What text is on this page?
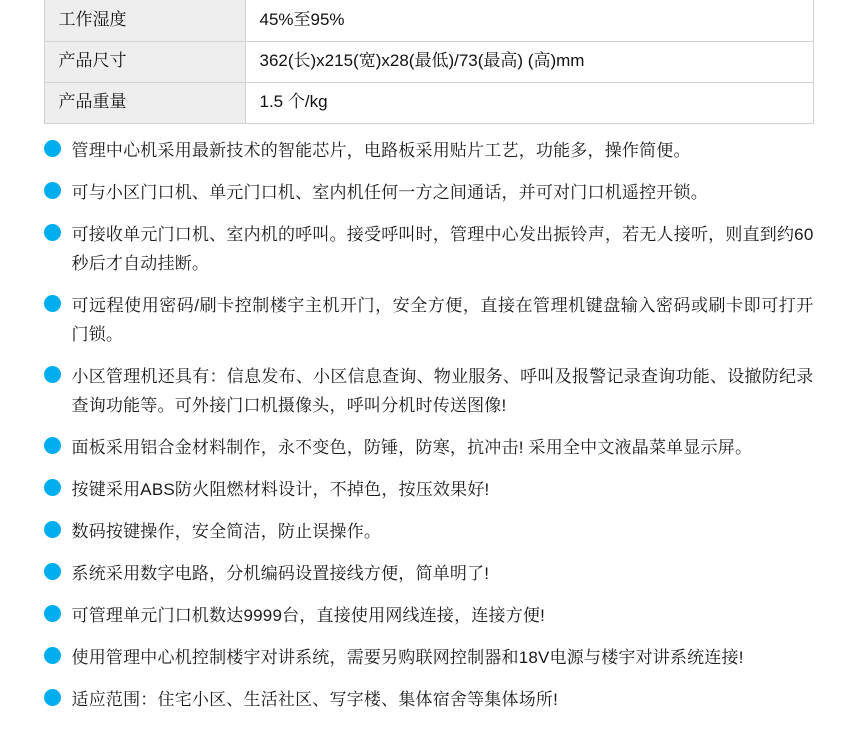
工作湿度	45%至95%
产品尺寸	362(长)x215(宽)x28(最低)/73(最高) (高)mm
产品重量	1.5 个/kg
管理中心机采用最新技术的智能芯片，电路板采用贴片工艺，功能多，操作简便。
可与小区门口机、单元门口机、室内机任何一方之间通话，并可对门口机遥控开锁。
可接收单元门口机、室内机的呼叫。接受呼叫时，管理中心发出振铃声，若无人接听，则直到约60秒后才自动挂断。
可远程使用密码/刷卡控制楼宇主机开门，安全方便，直接在管理机键盘输入密码或刷卡即可打开门锁。
小区管理机还具有：信息发布、小区信息查询、物业服务、呼叫及报警记录查询功能、设撤防纪录查询功能等。可外接门口机摄像头，呼叫分机时传送图像!
面板采用铝合金材料制作，永不变色，防锤，防寒，抗冲击! 采用全中文液晶菜单显示屏。
按键采用ABS防火阻燃材料设计，不掉色，按压效果好!
数码按键操作，安全简洁，防止误操作。
系统采用数字电路，分机编码设置接线方便，简单明了!
可管理单元门口机数达9999台，直接使用网线连接，连接方便!
使用管理中心机控制楼宇对讲系统，需要另购联网控制器和18V电源与楼宇对讲系统连接!
适应范围：住宅小区、生活社区、写字楼、集体宿舍等集体场所!
